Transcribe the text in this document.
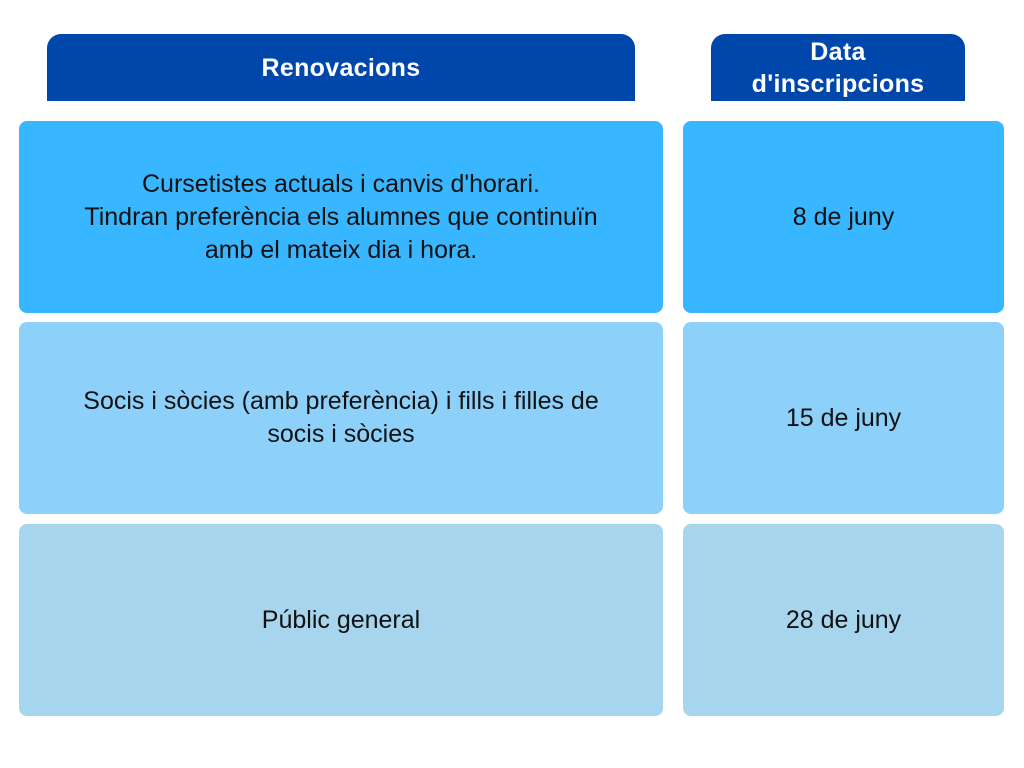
Renovacions
Data
d'inscripcions
Cursetistes actuals i canvis d'horari.
Tindran preferència els alumnes que continuïn
amb el mateix dia i hora.
8 de juny
Socis i sòcies (amb preferència) i fills i filles de
socis i sòcies
15 de juny
Públic general	28 de juny
